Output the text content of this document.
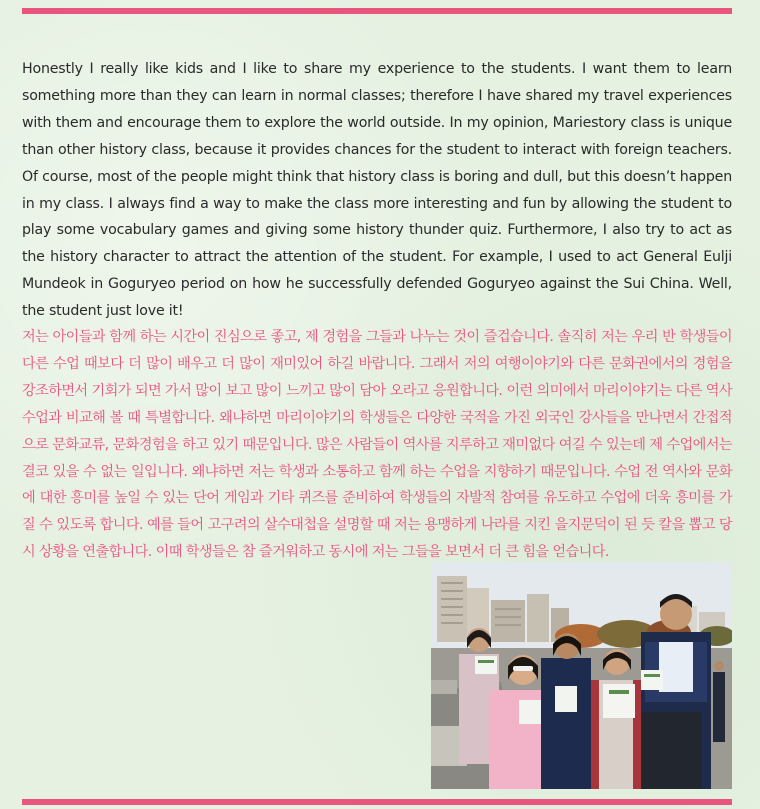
Honestly I really like kids and I like to share my experience to the students. I want them to learn something more than they can learn in normal classes; therefore I have shared my travel experiences with them and encourage them to explore the world outside. In my opinion, Mariestory class is unique than other history class, because it provides chances for the student to interact with foreign teachers. Of course, most of the people might think that history class is boring and dull, but this doesn’t happen in my class. I always find a way to make the class more interesting and fun by allowing the student to play some vocabulary games and giving some history thunder quiz. Furthermore, I also try to act as the history character to attract the attention of the student. For example, I used to act General Eulji Mundeok in Goguryeo period on how he successfully defended Goguryeo against the Sui China. Well, the student just love it!

저는 아이들과 함께 하는 시간이 진심으로 좋고, 제 경험을 그들과 나누는 것이 즐겁습니다. 솔직히 저는 우리 반 학생들이 다른 수업 때보다 더 많이 배우고 더 많이 재미있어 하길 바랍니다. 그래서 저의 여행이야기와 다른 문화권에서의 경험을 강조하면서 기회가 되면 가서 많이 보고 많이 느끼고 많이 담아 오라고 응원합니다. 이런 의미에서 마리이야기는 다른 역사 수업과 비교해 볼 때 특별합니다. 왜냐하면 마리이야기의 학생들은 다양한 국적을 가진 외국인 강사들을 만나면서 간접적으로 문화교류, 문화경험을 하고 있기 때문입니다. 많은 사람들이 역사를 지루하고 재미없다 여길 수 있는데 제 수업에서는 결코 있을 수 없는 일입니다. 왜냐하면 저는 학생과 소통하고 함께 하는 수업을 지향하기 때문입니다. 수업 전 역사와 문화에 대한 흥미를 높일 수 있는 단어 게임과 기타 퀴즈를 준비하여 학생들의 자발적 참여를 유도하고 수업에 더욱 흥미를 가질 수 있도록 합니다. 예를 들어 고구려의 살수대첩을 설명할 때 저는 용맹하게 나라를 지킨 을지문덕이 된 듯 칼을 뽑고 당시 상황을 연출합니다. 이때 학생들은 참 즐거워하고 동시에 저는 그들을 보면서 더 큰 힘을 얻습니다.
